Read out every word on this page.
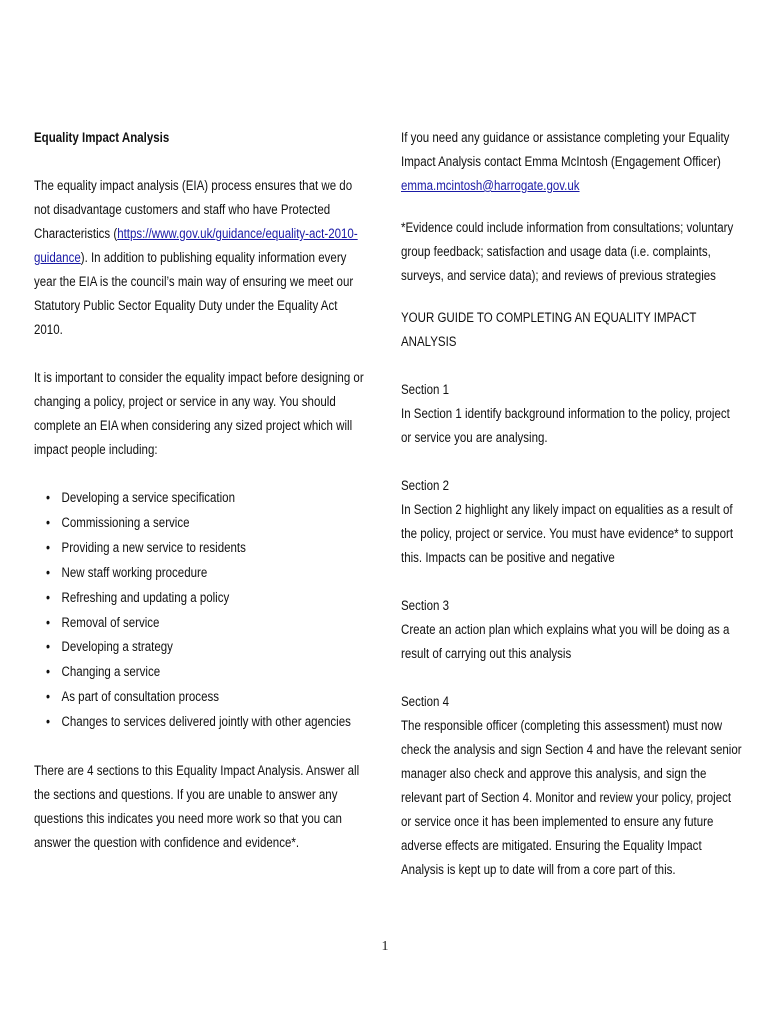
Equality Impact Analysis

The equality impact analysis (EIA) process ensures that we do not disadvantage customers and staff who have Protected Characteristics (https://www.gov.uk/guidance/equality-act-2010-guidance). In addition to publishing equality information every year the EIA is the council’s main way of ensuring we meet our Statutory Public Sector Equality Duty under the Equality Act 2010.

It is important to consider the equality impact before designing or changing a policy, project or service in any way. You should complete an EIA when considering any sized project which will impact people including:

• Developing a service specification
• Commissioning a service
• Providing a new service to residents
• New staff working procedure
• Refreshing and updating a policy
• Removal of service
• Developing a strategy
• Changing a service
• As part of consultation process
• Changes to services delivered jointly with other agencies

There are 4 sections to this Equality Impact Analysis. Answer all the sections and questions. If you are unable to answer any questions this indicates you need more work so that you can answer the question with confidence and evidence*.

If you need any guidance or assistance completing your Equality Impact Analysis contact Emma McIntosh (Engagement Officer)
emma.mcintosh@harrogate.gov.uk

*Evidence could include information from consultations; voluntary group feedback; satisfaction and usage data (i.e. complaints, surveys, and service data); and reviews of previous strategies

YOUR GUIDE TO COMPLETING AN EQUALITY IMPACT ANALYSIS

Section 1

In Section 1 identify background information to the policy, project or service you are analysing.

Section 2

In Section 2 highlight any likely impact on equalities as a result of the policy, project or service. You must have evidence* to support this. Impacts can be positive and negative

Section 3

Create an action plan which explains what you will be doing as a result of carrying out this analysis

Section 4

The responsible officer (completing this assessment) must now check the analysis and sign Section 4 and have the relevant senior manager also check and approve this analysis, and sign the relevant part of Section 4. Monitor and review your policy, project or service once it has been implemented to ensure any future adverse effects are mitigated. Ensuring the Equality Impact Analysis is kept up to date will from a core part of this.

1
